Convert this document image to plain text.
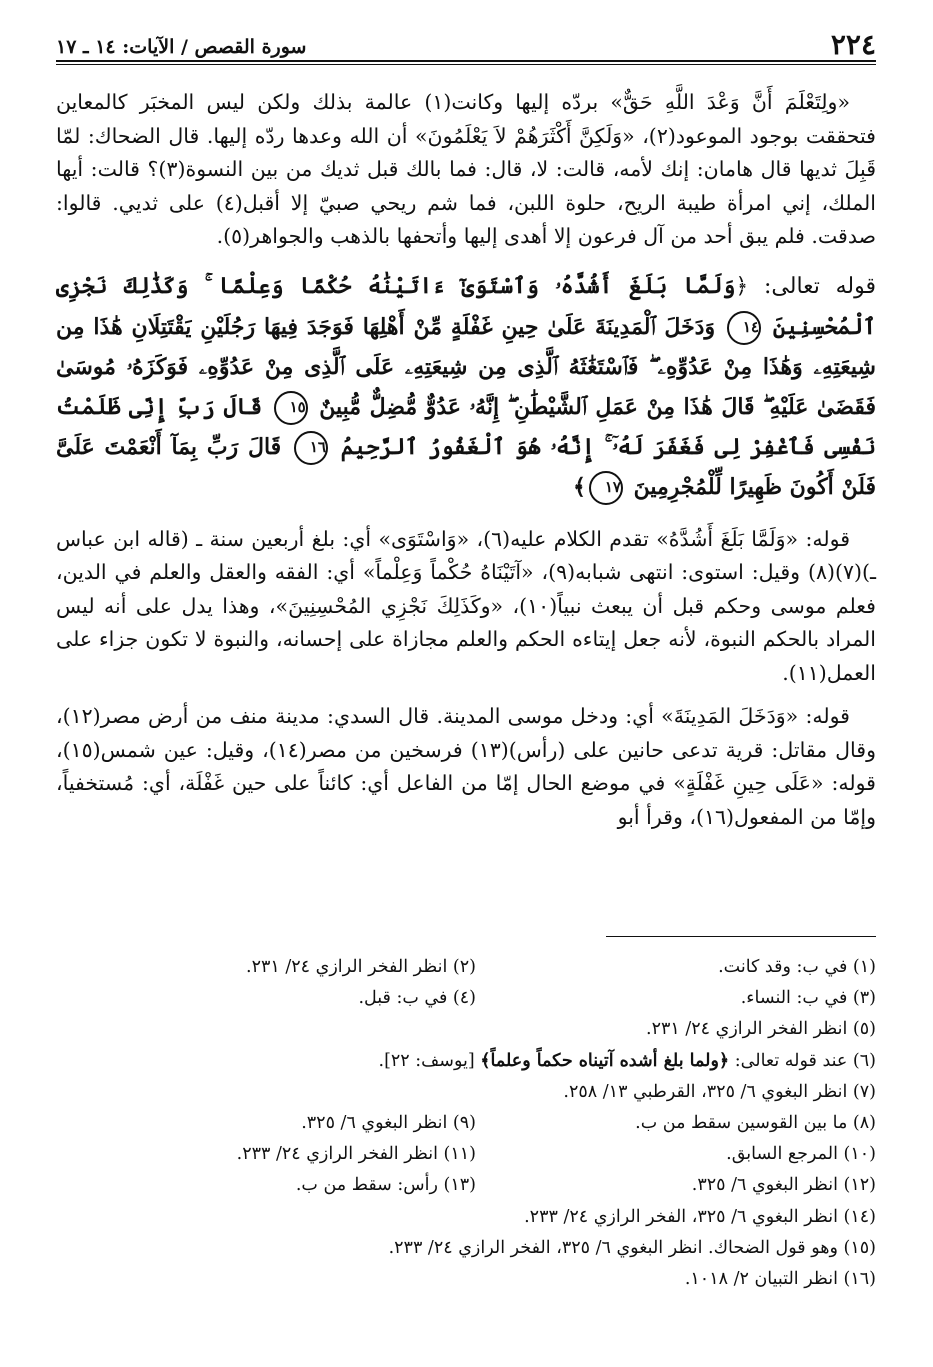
٢٢٤
سورة القصص / الآيات: ١٤ ـ ١٧

«ولِتَعْلَمَ أَنَّ وَعْدَ اللَّهِ حَقٌّ» بردّه إليها وكانت(١) عالمة بذلك ولكن ليس المخبَر كالمعاين فتحققت بوجود الموعود(٢)، «وَلَكِنَّ أَكْثَرَهُمْ لاَ يَعْلَمُونَ» أن الله وعدها ردّه إليها. قال الضحاك: لمّا قَبِلَ ثديها قال هامان: إنك لأمه، قالت: لا، قال: فما بالك قبل ثديك من بين النسوة(٣)؟ قالت: أيها الملك، إني امرأة طيبة الريح، حلوة اللبن، فما شم ريحي صبيّ إلا أقبل(٤) على ثديي. قالوا: صدقت. فلم يبق أحد من آل فرعون إلا أهدى إليها وأتحفها بالذهب والجواهر(٥).

قوله تعالى: ﴿وَلَمَّا بَلَغَ أَشُدَّهُۥ وَٱسْتَوَىٰٓ ءَاتَيْنَٰهُ حُكْمًا وَعِلْمًا ۚ وَكَذَٰلِكَ نَجْزِى ٱلْمُحْسِنِينَ ١٤ وَدَخَلَ ٱلْمَدِينَةَ عَلَىٰ حِينِ غَفْلَةٍ مِّنْ أَهْلِهَا فَوَجَدَ فِيهَا رَجُلَيْنِ يَقْتَتِلَانِ هَٰذَا مِن شِيعَتِهِۦ وَهَٰذَا مِنْ عَدُوِّهِۦ ۖ فَٱسْتَغَٰثَهُ ٱلَّذِى مِن شِيعَتِهِۦ عَلَى ٱلَّذِى مِنْ عَدُوِّهِۦ فَوَكَزَهُۥ مُوسَىٰ فَقَضَىٰ عَلَيْهِ ۖ قَالَ هَٰذَا مِنْ عَمَلِ ٱلشَّيْطَٰنِ ۖ إِنَّهُۥ عَدُوٌّ مُّضِلٌّ مُّبِينٌ ١٥ قَالَ رَبِّ إِنِّى ظَلَمْتُ نَفْسِى فَٱغْفِرْ لِى فَغَفَرَ لَهُۥٓ ۚ إِنَّهُۥ هُوَ ٱلْغَفُورُ ٱلرَّحِيمُ ١٦ قَالَ رَبِّ بِمَآ أَنْعَمْتَ عَلَىَّ فَلَنْ أَكُونَ ظَهِيرًا لِّلْمُجْرِمِينَ ١٧﴾

قوله: «وَلَمَّا بَلَغَ أَشُدَّهُ» تقدم الكلام عليه(٦)، «وَاسْتَوَى» أي: بلغ أربعين سنة ـ (قاله ابن عباس ـ)(٧)(٨) وقيل: استوى: انتهى شبابه(٩)، «آتَيْنَاهُ حُكْماً وَعِلْماً» أي: الفقه والعقل والعلم في الدين، فعلم موسى وحكم قبل أن يبعث نبياً(١٠)، «وكَذَلِكَ نَجْزِي المُحْسِنِينَ»، وهذا يدل على أنه ليس المراد بالحكم النبوة، لأنه جعل إيتاءه الحكم والعلم مجازاة على إحسانه، والنبوة لا تكون جزاء على العمل(١١).

قوله: «وَدَخَلَ المَدِينَةَ» أي: ودخل موسى المدينة. قال السدي: مدينة منف من أرض مصر(١٢)، وقال مقاتل: قرية تدعى حانين على (رأس)(١٣) فرسخين من مصر(١٤)، وقيل: عين شمس(١٥)، قوله: «عَلَى حِينِ غَفْلَةٍ» في موضع الحال إمّا من الفاعل أي: كائناً على حين غَفْلَة، أي: مُستخفياً، وإمّا من المفعول(١٦)، وقرأ أبو

(١) في ب: وقد كانت.
(٢) انظر الفخر الرازي ٢٤/ ٢٣١.
(٣) في ب: النساء.
(٤) في ب: قبل.
(٥) انظر الفخر الرازي ٢٤/ ٢٣١.
(٦) عند قوله تعالى: ﴿ولما بلغ أشده آتيناه حكماً وعلماً﴾ [يوسف: ٢٢].
(٧) انظر البغوي ٦/ ٣٢٥، القرطبي ١٣/ ٢٥٨.
(٨) ما بين القوسين سقط من ب.
(٩) انظر البغوي ٦/ ٣٢٥.
(١٠) المرجع السابق.
(١١) انظر الفخر الرازي ٢٤/ ٢٣٣.
(١٢) انظر البغوي ٦/ ٣٢٥.
(١٣) رأس: سقط من ب.
(١٤) انظر البغوي ٦/ ٣٢٥، الفخر الرازي ٢٤/ ٢٣٣.
(١٥) وهو قول الضحاك. انظر البغوي ٦/ ٣٢٥، الفخر الرازي ٢٤/ ٢٣٣.
(١٦) انظر التبيان ٢/ ١٠١٨.
